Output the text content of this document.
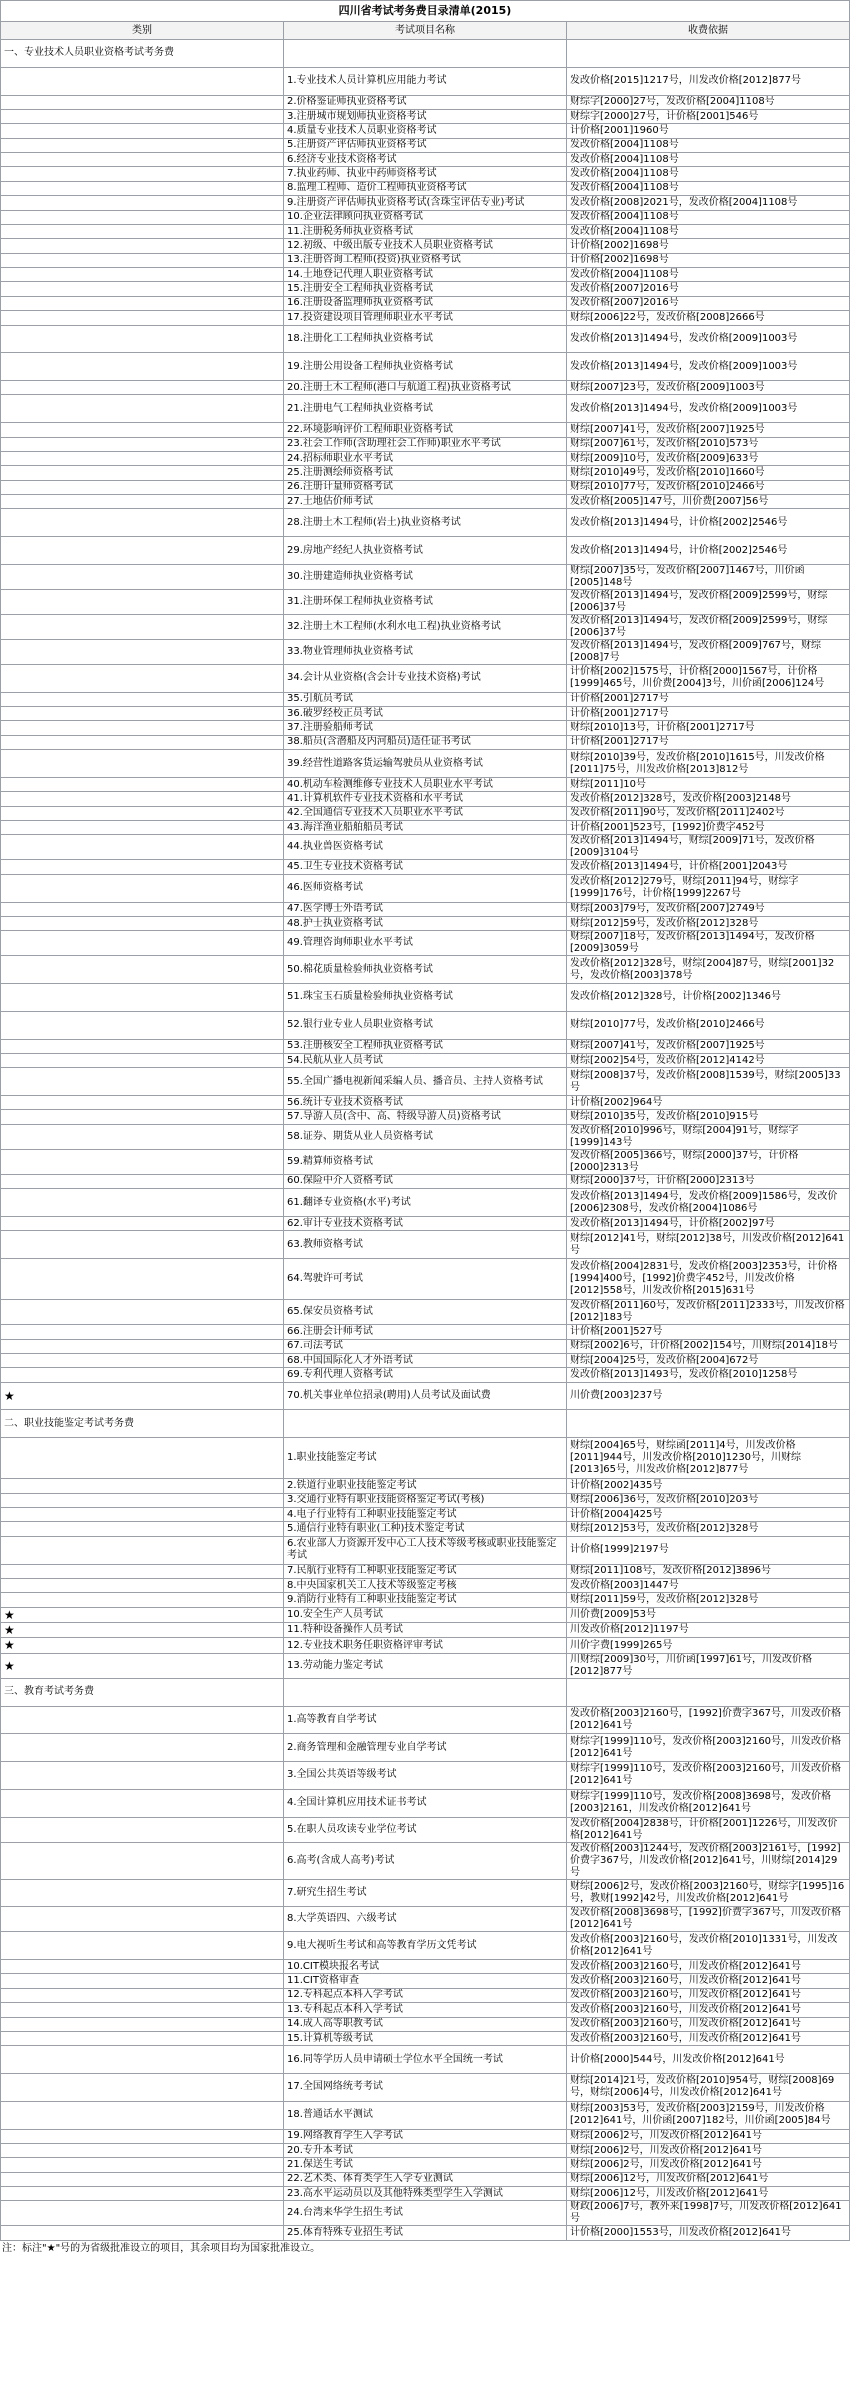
四川省考试考务费目录清单(2015)		
类别	考试项目名称	收费依据
一、专业技术人员职业资格考试考务费		
	1.专业技术人员计算机应用能力考试	发改价格[2015]1217号，川发改价格[2012]877号
	2.价格鉴证师执业资格考试	财综字[2000]27号，发改价格[2004]1108号
	3.注册城市规划师执业资格考试	财综字[2000]27号，计价格[2001]546号
	4.质量专业技术人员职业资格考试	计价格[2001]1960号
	5.注册资产评估师执业资格考试	发改价格[2004]1108号
	6.经济专业技术资格考试	发改价格[2004]1108号
	7.执业药师、执业中药师资格考试	发改价格[2004]1108号
	8.监理工程师、造价工程师执业资格考试	发改价格[2004]1108号
	9.注册资产评估师执业资格考试(含珠宝评估专业)考试	发改价格[2008]2021号，发改价格[2004]1108号
	10.企业法律顾问执业资格考试	发改价格[2004]1108号
	11.注册税务师执业资格考试	发改价格[2004]1108号
	12.初级、中级出版专业技术人员职业资格考试	计价格[2002]1698号
	13.注册咨询工程师(投资)执业资格考试	计价格[2002]1698号
	14.土地登记代理人职业资格考试	发改价格[2004]1108号
	15.注册安全工程师执业资格考试	发改价格[2007]2016号
	16.注册设备监理师执业资格考试	发改价格[2007]2016号
	17.投资建设项目管理师职业水平考试	财综[2006]22号，发改价格[2008]2666号
	18.注册化工工程师执业资格考试	发改价格[2013]1494号，发改价格[2009]1003号
	19.注册公用设备工程师执业资格考试	发改价格[2013]1494号，发改价格[2009]1003号
	20.注册土木工程师(港口与航道工程)执业资格考试	财综[2007]23号，发改价格[2009]1003号
	21.注册电气工程师执业资格考试	发改价格[2013]1494号，发改价格[2009]1003号
	22.环境影响评价工程师职业资格考试	财综[2007]41号，发改价格[2007]1925号
	23.社会工作师(含助理社会工作师)职业水平考试	财综[2007]61号，发改价格[2010]573号
	24.招标师职业水平考试	财综[2009]10号，发改价格[2009]633号
	25.注册测绘师资格考试	财综[2010]49号，发改价格[2010]1660号
	26.注册计量师资格考试	财综[2010]77号，发改价格[2010]2466号
	27.土地估价师考试	发改价格[2005]147号，川价费[2007]56号
	28.注册土木工程师(岩土)执业资格考试	发改价格[2013]1494号，计价格[2002]2546号
	29.房地产经纪人执业资格考试	发改价格[2013]1494号，计价格[2002]2546号
	30.注册建造师执业资格考试	财综[2007]35号，发改价格[2007]1467号，川价函[2005]148号
	31.注册环保工程师执业资格考试	发改价格[2013]1494号，发改价格[2009]2599号，财综[2006]37号
	32.注册土木工程师(水利水电工程)执业资格考试	发改价格[2013]1494号，发改价格[2009]2599号，财综[2006]37号
	33.物业管理师执业资格考试	发改价格[2013]1494号，发改价格[2009]767号，财综[2008]7号
	34.会计从业资格(含会计专业技术资格)考试	计价格[2002]1575号，计价格[2000]1567号，计价格[1999]465号，川价费[2004]3号，川价函[2006]124号
	35.引航员考试	计价格[2001]2717号
	36.破罗经校正员考试	计价格[2001]2717号
	37.注册验船师考试	财综[2010]13号，计价格[2001]2717号
	38.船员(含潜船及内河船员)适任证书考试	计价格[2001]2717号
	39.经营性道路客货运输驾驶员从业资格考试	财综[2010]39号，发改价格[2010]1615号，川发改价格[2011]75号，川发改价格[2013]812号
	40.机动车检测维修专业技术人员职业水平考试	财综[2011]10号
	41.计算机软件专业技术资格和水平考试	发改价格[2012]328号，发改价格[2003]2148号
	42.全国通信专业技术人员职业水平考试	发改价格[2011]90号，发改价格[2011]2402号
	43.海洋渔业船舶船员考试	计价格[2001]523号，[1992]价费字452号
	44.执业兽医资格考试	发改价格[2013]1494号，财综[2009]71号，发改价格[2009]3104号
	45.卫生专业技术资格考试	发改价格[2013]1494号，计价格[2001]2043号
	46.医师资格考试	发改价格[2012]279号，财综[2011]94号，财综字[1999]176号，计价格[1999]2267号
	47.医学博士外语考试	财综[2003]79号，发改价格[2007]2749号
	48.护士执业资格考试	财综[2012]59号，发改价格[2012]328号
	49.管理咨询师职业水平考试	财综[2007]18号，发改价格[2013]1494号，发改价格[2009]3059号
	50.棉花质量检验师执业资格考试	发改价格[2012]328号，财综[2004]87号，财综[2001]32号，发改价格[2003]378号
	51.珠宝玉石质量检验师执业资格考试	发改价格[2012]328号，计价格[2002]1346号
	52.银行业专业人员职业资格考试	财综[2010]77号，发改价格[2010]2466号
	53.注册核安全工程师执业资格考试	财综[2007]41号，发改价格[2007]1925号
	54.民航从业人员考试	财综[2002]54号，发改价格[2012]4142号
	55.全国广播电视新闻采编人员、播音员、主持人资格考试	财综[2008]37号，发改价格[2008]1539号，财综[2005]33号
	56.统计专业技术资格考试	计价格[2002]964号
	57.导游人员(含中、高、特级导游人员)资格考试	财综[2010]35号，发改价格[2010]915号
	58.证券、期货从业人员资格考试	发改价格[2010]996号，财综[2004]91号，财综字[1999]143号
	59.精算师资格考试	发改价格[2005]366号，财综[2000]37号，计价格[2000]2313号
	60.保险中介人资格考试	财综[2000]37号，计价格[2000]2313号
	61.翻译专业资格(水平)考试	发改价格[2013]1494号，发改价格[2009]1586号，发改价[2006]2308号，发改价格[2004]1086号
	62.审计专业技术资格考试	发改价格[2013]1494号，计价格[2002]97号
	63.教师资格考试	财综[2012]41号，财综[2012]38号，川发改价格[2012]641号
	64.驾驶许可考试	发改价格[2004]2831号，发改价格[2003]2353号，计价格[1994]400号，[1992]价费字452号，川发改价格[2012]558号，川发改价格[2015]631号
	65.保安员资格考试	发改价格[2011]60号，发改价格[2011]2333号，川发改价格[2012]183号
	66.注册会计师考试	计价格[2001]527号
	67.司法考试	财综[2002]6号，计价格[2002]154号，川财综[2014]18号
	68.中国国际化人才外语考试	财综[2004]25号，发改价格[2004]672号
	69.专利代理人资格考试	发改价格[2013]1493号，发改价格[2010]1258号
★	70.机关事业单位招录(聘用)人员考试及面试费	川价费[2003]237号
二、职业技能鉴定考试考务费		
	1.职业技能鉴定考试	财综[2004]65号，财综函[2011]4号，川发改价格[2011]944号，川发改价格[2010]1230号，川财综[2013]65号，川发改价格[2012]877号
	2.铁道行业职业技能鉴定考试	计价格[2002]435号
	3.交通行业特有职业技能资格鉴定考试(考核)	财综[2006]36号，发改价格[2010]203号
	4.电子行业特有工种职业技能鉴定考试	计价格[2004]425号
	5.通信行业特有职业(工种)技术鉴定考试	财综[2012]53号，发改价格[2012]328号
	6.农业部人力资源开发中心工人技术等级考核或职业技能鉴定考试	计价格[1999]2197号
	7.民航行业特有工种职业技能鉴定考试	财综[2011]108号，发改价格[2012]3896号
	8.中央国家机关工人技术等级鉴定考核	发改价格[2003]1447号
	9.消防行业特有工种职业技能鉴定考试	财综[2011]59号，发改价格[2012]328号
★	10.安全生产人员考试	川价费[2009]53号
★	11.特种设备操作人员考试	川发改价格[2012]1197号
★	12.专业技术职务任职资格评审考试	川价字费[1999]265号
★	13.劳动能力鉴定考试	川财综[2009]30号，川价函[1997]61号，川发改价格[2012]877号
三、教育考试考务费		
	1.高等教育自学考试	发改价格[2003]2160号，[1992]价费字367号，川发改价格[2012]641号
	2.商务管理和金融管理专业自学考试	财综字[1999]110号，发改价格[2003]2160号，川发改价格[2012]641号
	3.全国公共英语等级考试	财综字[1999]110号，发改价格[2003]2160号，川发改价格[2012]641号
	4.全国计算机应用技术证书考试	财综字[1999]110号，发改价格[2008]3698号，发改价格[2003]2161，川发改价格[2012]641号
	5.在职人员攻读专业学位考试	发改价格[2004]2838号，计价格[2001]1226号，川发改价格[2012]641号
	6.高考(含成人高考)考试	发改价格[2003]1244号，发改价格[2003]2161号，[1992]价费字367号，川发改价格[2012]641号，川财综[2014]29号
	7.研究生招生考试	财综[2006]2号，发改价格[2003]2160号，财综字[1995]16号，教财[1992]42号，川发改价格[2012]641号
	8.大学英语四、六级考试	发改价格[2008]3698号，[1992]价费字367号，川发改价格[2012]641号
	9.电大视听生考试和高等教育学历文凭考试	发改价格[2003]2160号，发改价格[2010]1331号，川发改价格[2012]641号
	10.CIT模块报名考试	发改价格[2003]2160号，川发改价格[2012]641号
	11.CIT资格审查	发改价格[2003]2160号，川发改价格[2012]641号
	12.专科起点本科入学考试	发改价格[2003]2160号，川发改价格[2012]641号
	13.专科起点本科入学考试	发改价格[2003]2160号，川发改价格[2012]641号
	14.成人高等职教考试	发改价格[2003]2160号，川发改价格[2012]641号
	15.计算机等级考试	发改价格[2003]2160号，川发改价格[2012]641号
	16.同等学历人员申请硕士学位水平全国统一考试	计价格[2000]544号，川发改价格[2012]641号
	17.全国网络统考考试	财综[2014]21号，发改价格[2010]954号，财综[2008]69号，财综[2006]4号，川发改价格[2012]641号
	18.普通话水平测试	财综[2003]53号，发改价格[2003]2159号，川发改价格[2012]641号，川价函[2007]182号，川价函[2005]84号
	19.网络教育学生入学考试	财综[2006]2号，川发改价格[2012]641号
	20.专升本考试	财综[2006]2号，川发改价格[2012]641号
	21.保送生考试	财综[2006]2号，川发改价格[2012]641号
	22.艺术类、体育类学生入学专业测试	财综[2006]12号，川发改价格[2012]641号
	23.高水平运动员以及其他特殊类型学生入学测试	财综[2006]12号，川发改价格[2012]641号
	24.台湾来华学生招生考试	财政[2006]7号，教外来[1998]7号，川发改价格[2012]641号
	25.体育特殊专业招生考试	计价格[2000]1553号，川发改价格[2012]641号
注：标注"★"号的为省级批准设立的项目，其余项目均为国家批准设立。
